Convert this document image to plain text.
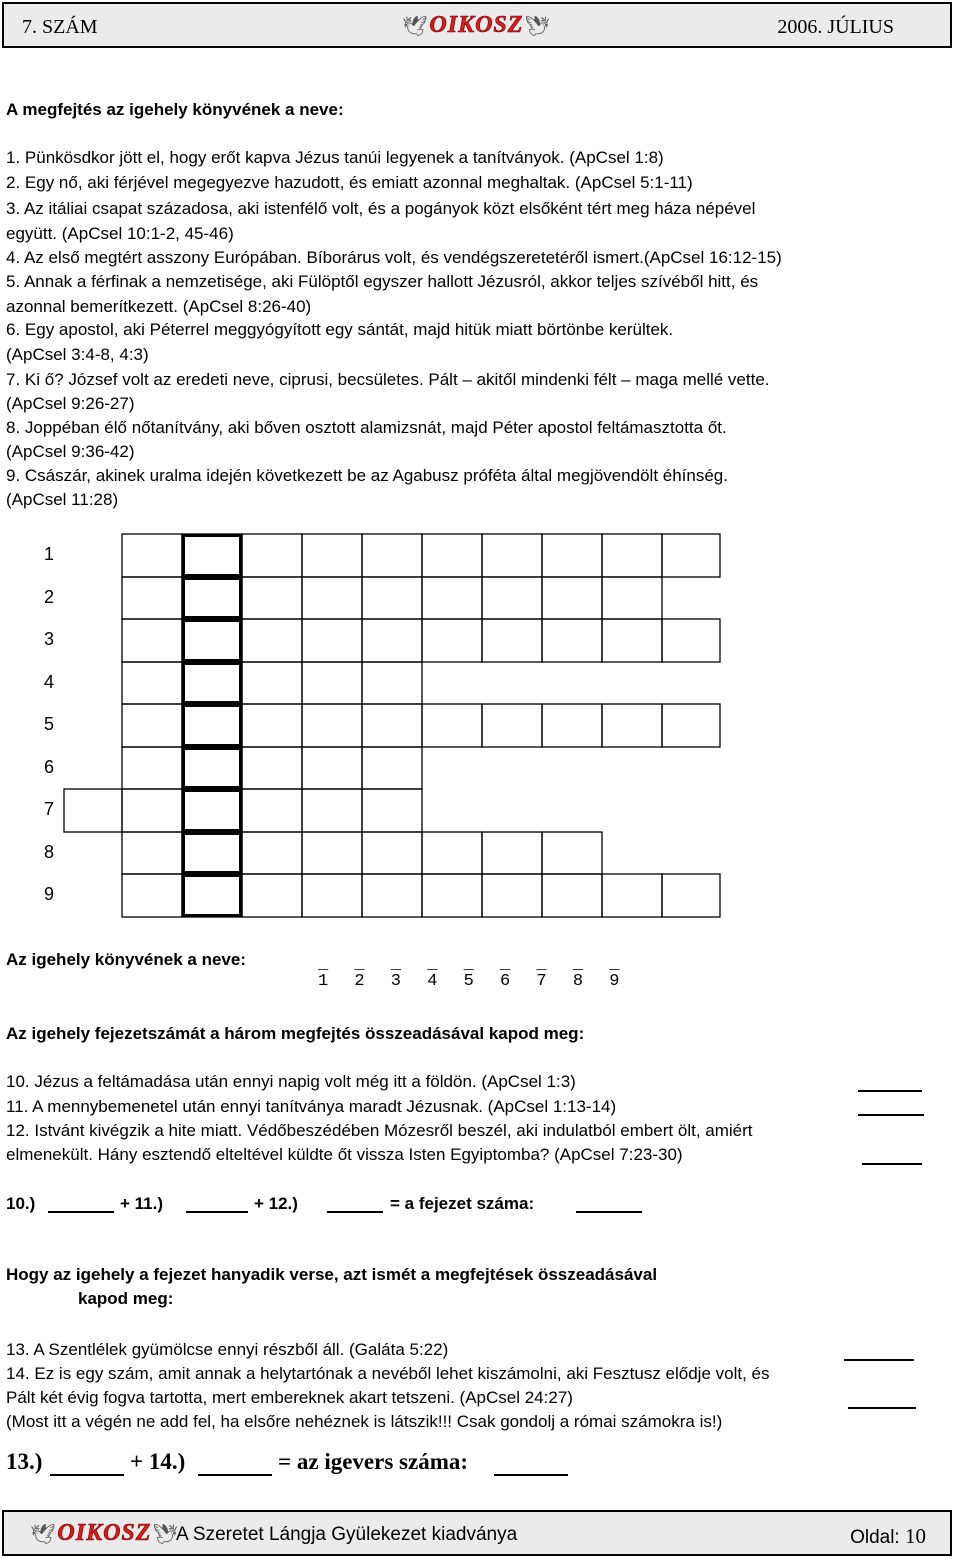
7. SZÁM	🕊 OIKOSZ 🕊	2006. JÚLIUS
A megfejtés az igehely könyvének a neve:
1. Pünkösdkor jött el, hogy erőt kapva Jézus tanúi legyenek a tanítványok. (ApCsel 1:8)
2. Egy nő, aki férjével megegyezve hazudott, és emiatt azonnal meghaltak. (ApCsel 5:1-11)
3. Az itáliai csapat századosa, aki istenfélő volt, és a pogányok közt elsőként tért meg háza népével
együtt. (ApCsel 10:1-2, 45-46)
4. Az első megtért asszony Európában. Bíborárus volt, és vendégszeretetéről ismert.(ApCsel 16:12-15)
5. Annak a férfinak a nemzetisége, aki Fülöptől egyszer hallott Jézusról, akkor teljes szívéből hitt, és
azonnal bemerítkezett. (ApCsel 8:26-40)
6. Egy apostol, aki Péterrel meggyógyított egy sántát, majd hitük miatt börtönbe kerültek.
(ApCsel 3:4-8, 4:3)
7. Ki ő? József volt az eredeti neve, ciprusi, becsületes. Pált – akitől mindenki félt – maga mellé vette.
(ApCsel 9:26-27)
8. Joppéban élő nőtanítvány, aki bőven osztott alamizsnát, majd Péter apostol feltámasztotta őt.
(ApCsel 9:36-42)
9. Császár, akinek uralma idején következett be az Agabusz próféta által megjövendölt éhínség.
(ApCsel 11:28)
1
2
3
4
5
6
7
8
9
Az igehely könyvének a neve:	_ _ _ _ _ _ _ _ _
1 2 3 4 5 6 7 8 9
Az igehely fejezetszámát a három megfejtés összeadásával kapod meg:
10. Jézus a feltámadása után ennyi napig volt még itt a földön. (ApCsel 1:3)
11. A mennybemenetel után ennyi tanítványa maradt Jézusnak. (ApCsel 1:13-14)
12. Istvánt kivégzik a hite miatt. Védőbeszédében Mózesről beszél, aki indulatból embert ölt, amiért
elmenekült. Hány esztendő elteltével küldte őt vissza Isten Egyiptomba? (ApCsel 7:23-30)
10.)	+ 11.)	+ 12.)	= a fejezet száma:
Hogy az igehely a fejezet hanyadik verse, azt ismét a megfejtések összeadásával
kapod meg:
13. A Szentlélek gyümölcse ennyi részből áll. (Galáta 5:22)
14. Ez is egy szám, amit annak a helytartónak a nevéből lehet kiszámolni, aki Fesztusz elődje volt, és
Pált két évig fogva tartotta, mert embereknek akart tetszeni. (ApCsel 24:27)
(Most itt a végén ne add fel, ha elsőre nehéznek is látszik!!! Csak gondolj a római számokra is!)
13.)	+ 14.)	= az igevers száma:
🕊 OIKOSZ 🕊
A Szeretet Lángja Gyülekezet kiadványa	Oldal: 10
